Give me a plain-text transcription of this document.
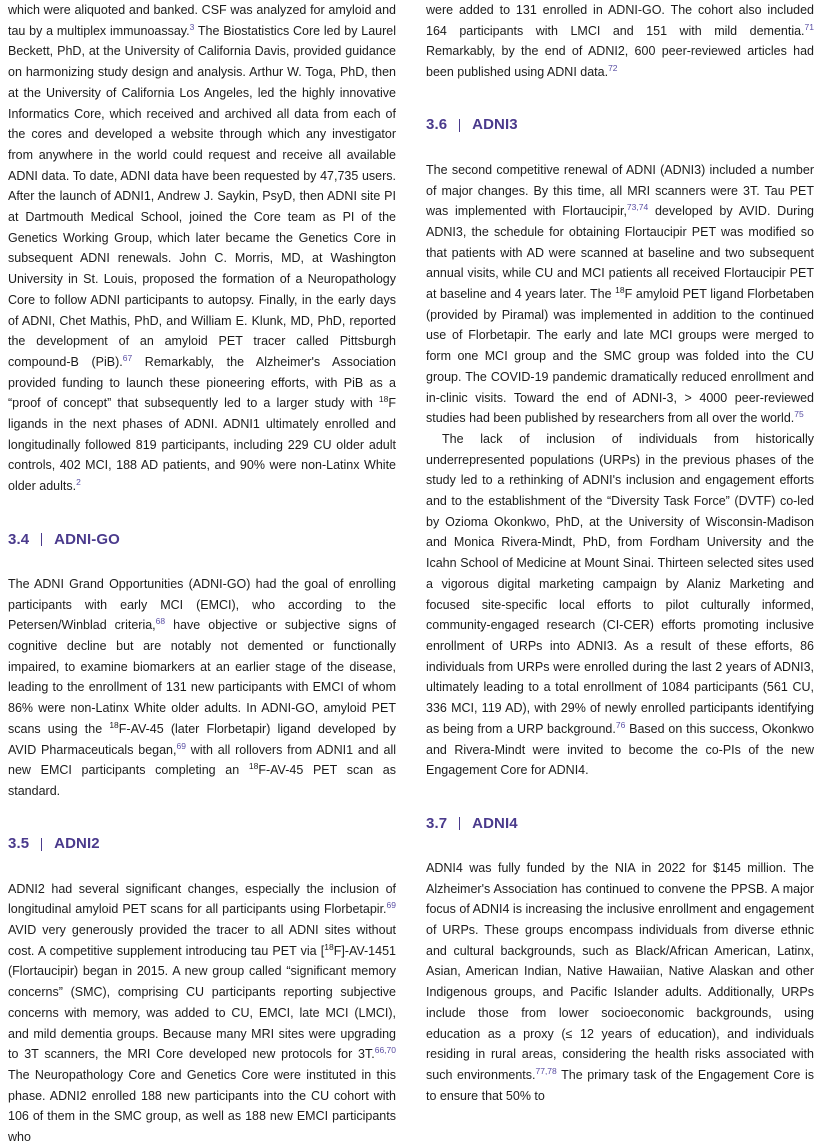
which were aliquoted and banked. CSF was analyzed for amyloid and tau by a multiplex immunoassay.$^3$ The Biostatistics Core led by Laurel Beckett, PhD, at the University of California Davis, provided guidance on harmonizing study design and analysis. Arthur W. Toga, PhD, then at the University of California Los Angeles, led the highly innovative Informatics Core, which received and archived all data from each of the cores and developed a website through which any investigator from anywhere in the world could request and receive all available ADNI data. To date, ADNI data have been requested by 47,735 users. After the launch of ADNI1, Andrew J. Saykin, PsyD, then ADNI site PI at Dartmouth Medical School, joined the Core team as PI of the Genetics Working Group, which later became the Genetics Core in subsequent ADNI renewals. John C. Morris, MD, at Washington University in St. Louis, proposed the formation of a Neuropathology Core to follow ADNI participants to autopsy. Finally, in the early days of ADNI, Chet Mathis, PhD, and William E. Klunk, MD, PhD, reported the development of an amyloid PET tracer called Pittsburgh compound-B (PiB).$^{67}$ Remarkably, the Alzheimer's Association provided funding to launch these pioneering efforts, with PiB as a “proof of concept” that subsequently led to a larger study with $^{18}$F ligands in the next phases of ADNI. ADNI1 ultimately enrolled and longitudinally followed 819 participants, including 229 CU older adult controls, 402 MCI, 188 AD patients, and 90% were non-Latinx White older adults.$^2$

3.4 ADNI-GO

The ADNI Grand Opportunities (ADNI-GO) had the goal of enrolling participants with early MCI (EMCI), who according to the Petersen/Winblad criteria,$^{68}$ have objective or subjective signs of cognitive decline but are notably not demented or functionally impaired, to examine biomarkers at an earlier stage of the disease, leading to the enrollment of 131 new participants with EMCI of whom 86% were non-Latinx White older adults. In ADNI-GO, amyloid PET scans using the $^{18}$F-AV-45 (later Florbetapir) ligand developed by AVID Pharmaceuticals began,$^{69}$ with all rollovers from ADNI1 and all new EMCI participants completing an $^{18}$F-AV-45 PET scan as standard.

3.5 ADNI2

ADNI2 had several significant changes, especially the inclusion of longitudinal amyloid PET scans for all participants using Florbetapir.$^{69}$ AVID very generously provided the tracer to all ADNI sites without cost. A competitive supplement introducing tau PET via [$^{18}$F]-AV-1451 (Flortaucipir) began in 2015. A new group called “significant memory concerns” (SMC), comprising CU participants reporting subjective concerns with memory, was added to CU, EMCI, late MCI (LMCI), and mild dementia groups. Because many MRI sites were upgrading to 3T scanners, the MRI Core developed new protocols for 3T.$^{66,70}$ The Neuropathology Core and Genetics Core were instituted in this phase. ADNI2 enrolled 188 new participants into the CU cohort with 106 of them in the SMC group, as well as 188 new EMCI participants who

were added to 131 enrolled in ADNI-GO. The cohort also included 164 participants with LMCI and 151 with mild dementia.$^{71}$ Remarkably, by the end of ADNI2, 600 peer-reviewed articles had been published using ADNI data.$^{72}$

3.6 ADNI3

The second competitive renewal of ADNI (ADNI3) included a number of major changes. By this time, all MRI scanners were 3T. Tau PET was implemented with Flortaucipir,$^{73,74}$ developed by AVID. During ADNI3, the schedule for obtaining Flortaucipir PET was modified so that patients with AD were scanned at baseline and two subsequent annual visits, while CU and MCI patients all received Flortaucipir PET at baseline and 4 years later. The $^{18}$F amyloid PET ligand Florbetaben (provided by Piramal) was implemented in addition to the continued use of Florbetapir. The early and late MCI groups were merged to form one MCI group and the SMC group was folded into the CU group. The COVID-19 pandemic dramatically reduced enrollment and in-clinic visits. Toward the end of ADNI-3, > 4000 peer-reviewed studies had been published by researchers from all over the world.$^{75}$

The lack of inclusion of individuals from historically underrepresented populations (URPs) in the previous phases of the study led to a rethinking of ADNI's inclusion and engagement efforts and to the establishment of the “Diversity Task Force” (DVTF) co-led by Ozioma Okonkwo, PhD, at the University of Wisconsin-Madison and Monica Rivera-Mindt, PhD, from Fordham University and the Icahn School of Medicine at Mount Sinai. Thirteen selected sites used a vigorous digital marketing campaign by Alaniz Marketing and focused site-specific local efforts to pilot culturally informed, community-engaged research (CI-CER) efforts promoting inclusive enrollment of URPs into ADNI3. As a result of these efforts, 86 individuals from URPs were enrolled during the last 2 years of ADNI3, ultimately leading to a total enrollment of 1084 participants (561 CU, 336 MCI, 119 AD), with 29% of newly enrolled participants identifying as being from a URP background.$^{76}$ Based on this success, Okonkwo and Rivera-Mindt were invited to become the co-PIs of the new Engagement Core for ADNI4.

3.7 ADNI4

ADNI4 was fully funded by the NIA in 2022 for $145 million. The Alzheimer's Association has continued to convene the PPSB. A major focus of ADNI4 is increasing the inclusive enrollment and engagement of URPs. These groups encompass individuals from diverse ethnic and cultural backgrounds, such as Black/African American, Latinx, Asian, American Indian, Native Hawaiian, Native Alaskan and other Indigenous groups, and Pacific Islander adults. Additionally, URPs include those from lower socioeconomic backgrounds, using education as a proxy (≤ 12 years of education), and individuals residing in rural areas, considering the health risks associated with such environments.$^{77,78}$ The primary task of the Engagement Core is to ensure that 50% to
